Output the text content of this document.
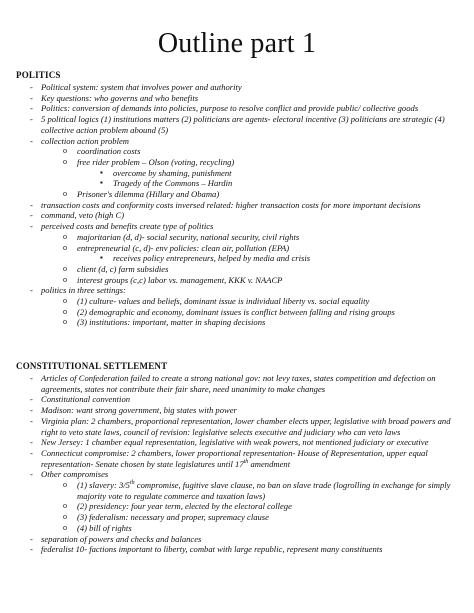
Outline part 1
POLITICS
- Political system: system that involves power and authority
- Key questions: who governs and who benefits
- Politics: conversion of demands into policies, purpose to resolve conflict and provide public/ collective goods
- 5 political logics (1) institutions matters (2) politicians are agents- electoral incentive (3) politicians are strategic (4) collective action problem abound (5)
- collection action problem
o coordination costs
o free rider problem – Olson (voting, recycling)
▪ overcome by shaming, punishment
▪ Tragedy of the Commons – Hardin
o Prisoner's dilemma (Hillary and Obama)
- transaction costs and conformity costs inversed related: higher transaction costs for more important decisions
- command, veto (high C)
- perceived costs and benefits create type of politics
o majoritarian (d, d)- social security, national security, civil rights
o entrepreneurial (c, d)- env policies: clean air, pollution (EPA)
▪ receives policy entrepreneurs, helped by media and crisis
o client (d, c) farm subsidies
o interest groups (c,c) labor vs. management, KKK v. NAACP
- politics in three settings:
o (1) culture- values and beliefs, dominant issue is individual liberty vs. social equality
o (2) demographic and economy, dominant issues is conflict between falling and rising groups
o (3) institutions: important, matter in shaping decisions
CONSTITUTIONAL SETTLEMENT
- Articles of Confederation failed to create a strong national gov: not levy taxes, states competition and defection on agreements, states not contribute their fair share, need unanimity to make changes
- Constitutional convention
- Madison: want strong government, big states with power
- Virginia plan: 2 chambers, proportional representation, lower chamber elects upper, legislative with broad powers and right to veto state laws, council of revision: legislative selects executive and judiciary who can veto laws
- New Jersey: 1 chamber equal representation, legislative with weak powers, not mentioned judiciary or executive
- Connecticut compromise: 2 chambers, lower proportional representation- House of Representation, upper equal representation- Senate chosen by state legislatures until 17th amendment
- Other compromises
o (1) slavery: 3/5th compromise, fugitive slave clause, no ban on slave trade (logrolling in exchange for simply majority vote to regulate commerce and taxation laws)
o (2) presidency: four year term, elected by the electoral college
o (3) federalism: necessary and proper, supremacy clause
o (4) bill of rights
- separation of powers and checks and balances
- federalist 10- factions important to liberty, combat with large republic, represent many constituents
